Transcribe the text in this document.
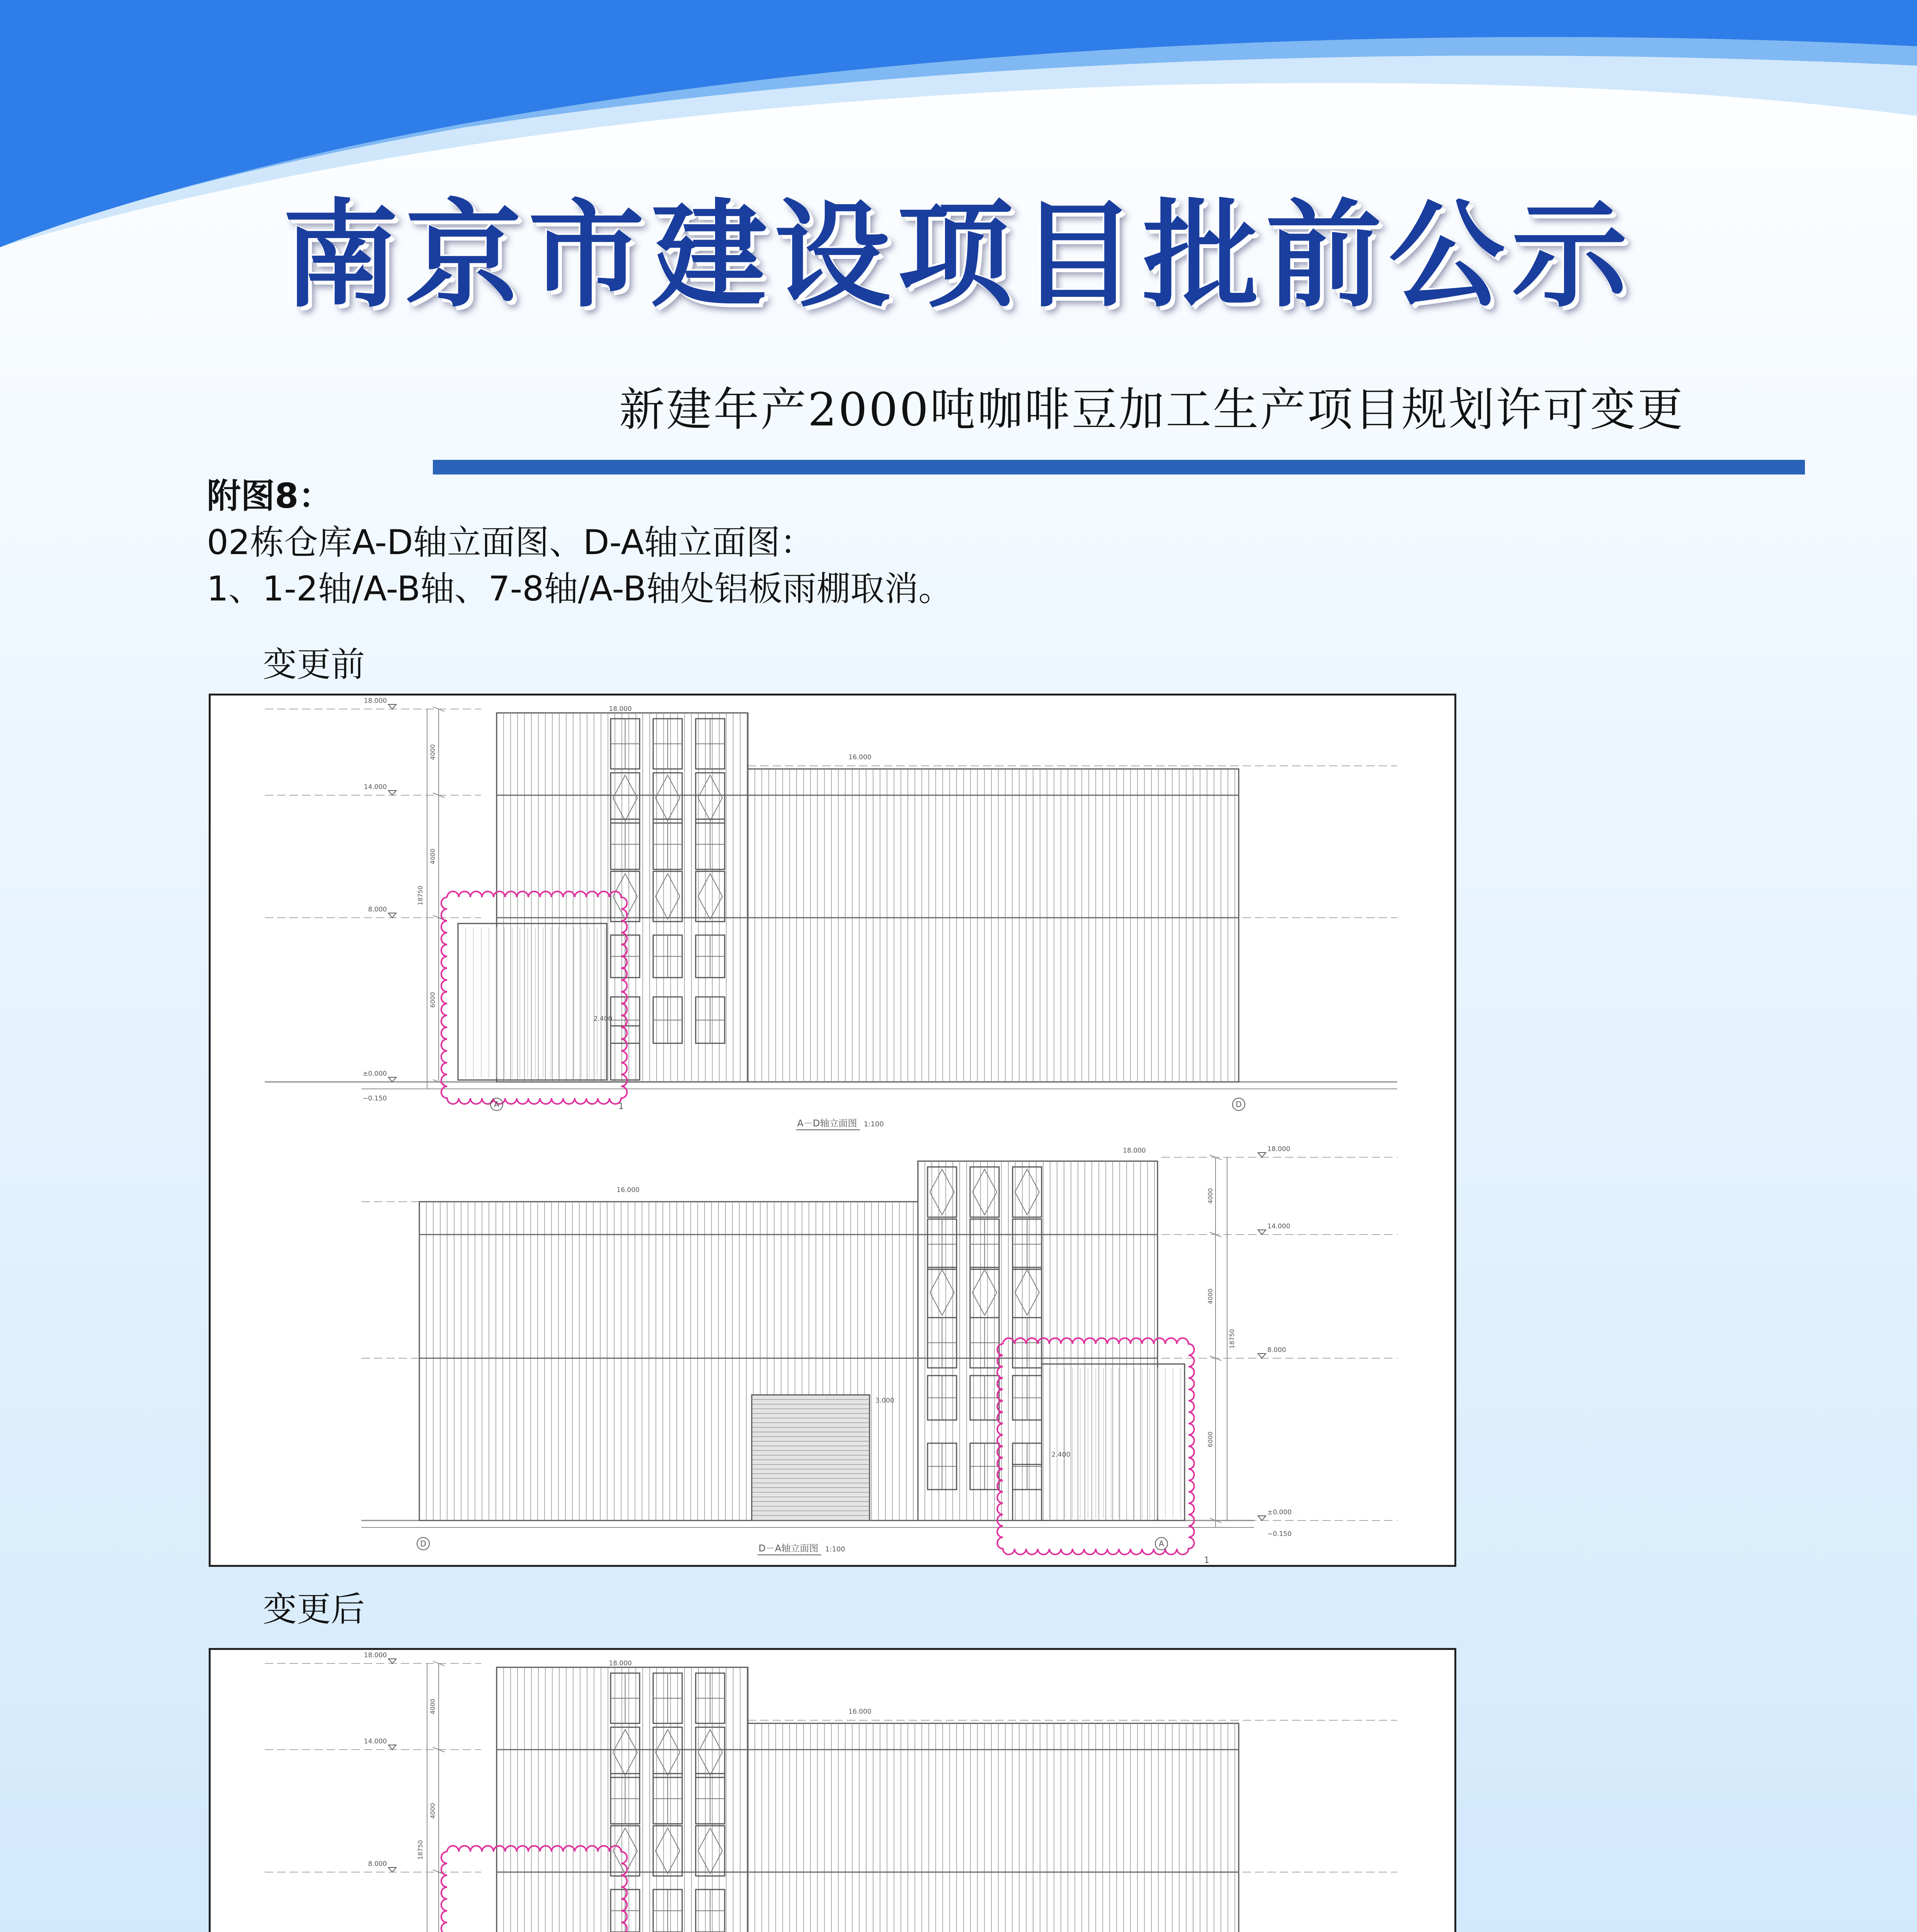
南京市建设项目批前公示
新建年产2000吨咖啡豆加工生产项目规划许可变更
附图8：
02栋仓库A-D轴立面图、D-A轴立面图：
1、1-2轴/A-B轴、7-8轴/A-B轴处铝板雨棚取消。
变更前
4000
4000
6000
18750
18.000
14.000
8.000
±0.000
−0.150
18.000
16.000
2.400
1
A	D
A－D轴立面图 1:100
3.000
4000
4000
6000
18750
18.000
14.000
8.000
±0.000
−0.150
18.000
16.000
2.400
1
D	A
D－A轴立面图 1:100
变更后
4000
4000
18750
18.000
14.000
8.000
18.000
16.000
